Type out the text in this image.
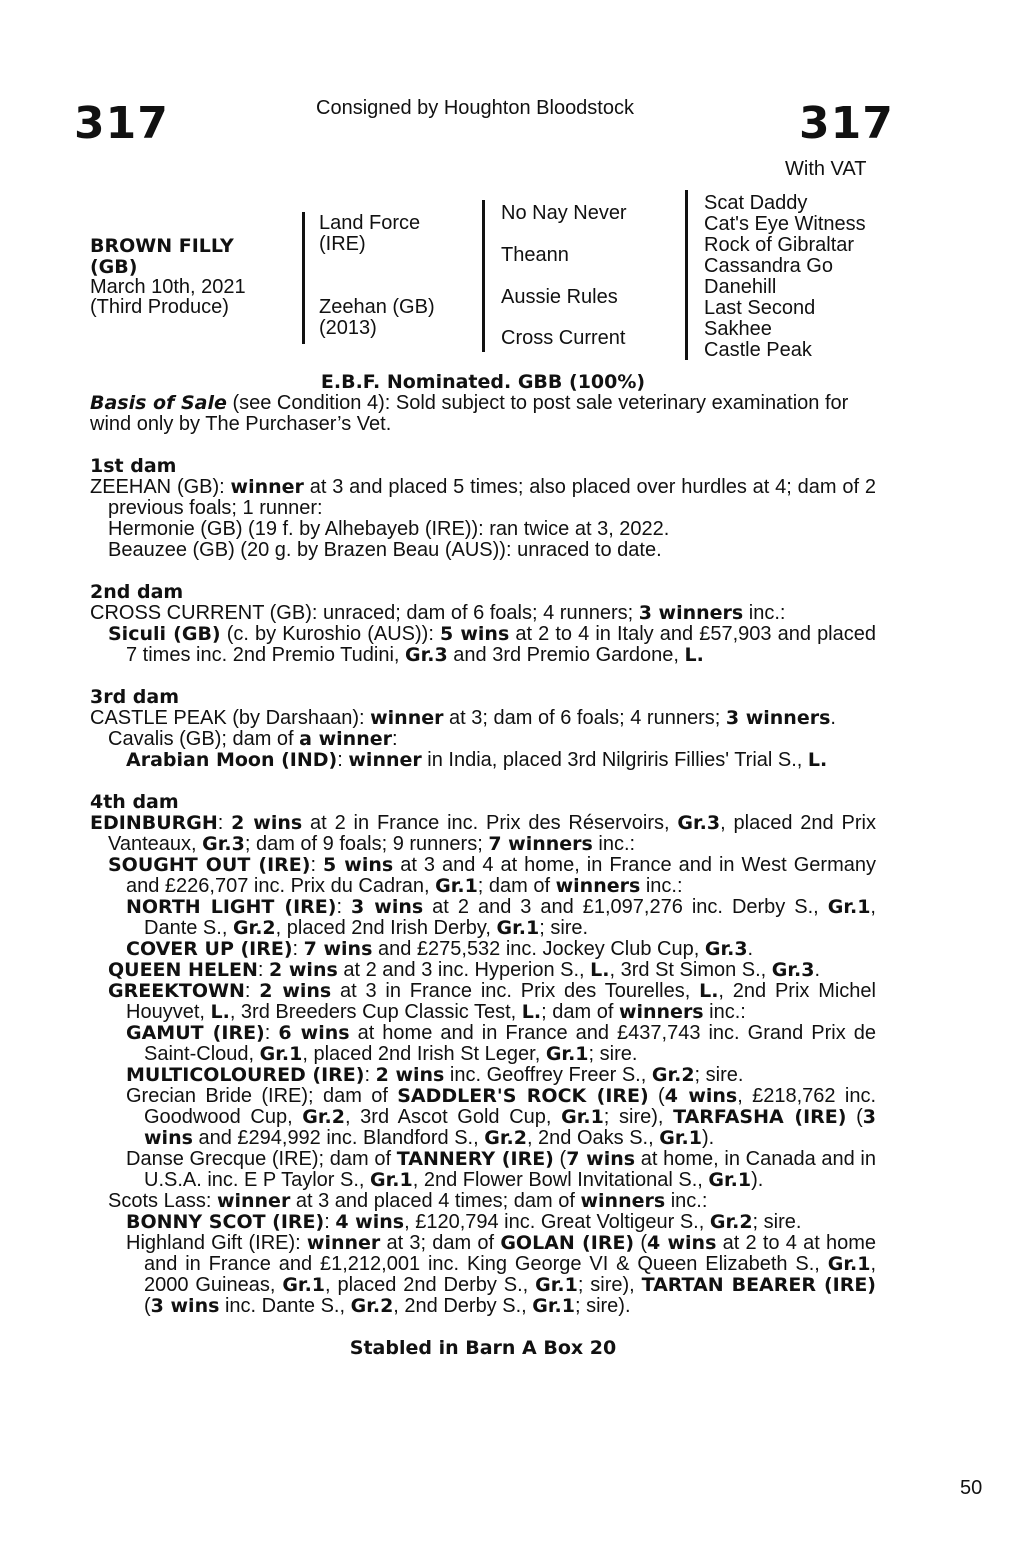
317	Consigned by Houghton Bloodstock	317
With VAT
BROWN FILLY
(GB)
March 10th, 2021
(Third Produce)
Land Force
(IRE)
Zeehan (GB)
(2013)
No Nay Never
Theann
Aussie Rules
Cross Current
Scat Daddy
Cat's Eye Witness
Rock of Gibraltar
Cassandra Go
Danehill
Last Second
Sakhee
Castle Peak

E.B.F. Nominated. GBB (100%)

Basis of Sale (see Condition 4): Sold subject to post sale veterinary examination for wind only by The Purchaser’s Vet.

1st dam

ZEEHAN (GB): winner at 3 and placed 5 times; also placed over hurdles at 4; dam of 2 previous foals; 1 runner:

Hermonie (GB) (19 f. by Alhebayeb (IRE)): ran twice at 3, 2022.

Beauzee (GB) (20 g. by Brazen Beau (AUS)): unraced to date.

2nd dam

CROSS CURRENT (GB): unraced; dam of 6 foals; 4 runners; 3 winners inc.:

Siculi (GB) (c. by Kuroshio (AUS)): 5 wins at 2 to 4 in Italy and £57,903 and placed 7 times inc. 2nd Premio Tudini, Gr.3 and 3rd Premio Gardone, L.

3rd dam

CASTLE PEAK (by Darshaan): winner at 3; dam of 6 foals; 4 runners; 3 winners.

Cavalis (GB); dam of a winner:

Arabian Moon (IND): winner in India, placed 3rd Nilgriris Fillies' Trial S., L.

4th dam

EDINBURGH: 2 wins at 2 in France inc. Prix des Réservoirs, Gr.3, placed 2nd Prix Vanteaux, Gr.3; dam of 9 foals; 9 runners; 7 winners inc.:

SOUGHT OUT (IRE): 5 wins at 3 and 4 at home, in France and in West Germany and £226,707 inc. Prix du Cadran, Gr.1; dam of winners inc.:

NORTH LIGHT (IRE): 3 wins at 2 and 3 and £1,097,276 inc. Derby S., Gr.1, Dante S., Gr.2, placed 2nd Irish Derby, Gr.1; sire.

COVER UP (IRE): 7 wins and £275,532 inc. Jockey Club Cup, Gr.3.

QUEEN HELEN: 2 wins at 2 and 3 inc. Hyperion S., L., 3rd St Simon S., Gr.3.

GREEKTOWN: 2 wins at 3 in France inc. Prix des Tourelles, L., 2nd Prix Michel Houyvet, L., 3rd Breeders Cup Classic Test, L.; dam of winners inc.:

GAMUT (IRE): 6 wins at home and in France and £437,743 inc. Grand Prix de Saint-Cloud, Gr.1, placed 2nd Irish St Leger, Gr.1; sire.

MULTICOLOURED (IRE): 2 wins inc. Geoffrey Freer S., Gr.2; sire.

Grecian Bride (IRE); dam of SADDLER'S ROCK (IRE) (4 wins, £218,762 inc. Goodwood Cup, Gr.2, 3rd Ascot Gold Cup, Gr.1; sire), TARFASHA (IRE) (3 wins and £294,992 inc. Blandford S., Gr.2, 2nd Oaks S., Gr.1).

Danse Grecque (IRE); dam of TANNERY (IRE) (7 wins at home, in Canada and in U.S.A. inc. E P Taylor S., Gr.1, 2nd Flower Bowl Invitational S., Gr.1).

Scots Lass: winner at 3 and placed 4 times; dam of winners inc.:

BONNY SCOT (IRE): 4 wins, £120,794 inc. Great Voltigeur S., Gr.2; sire.

Highland Gift (IRE): winner at 3; dam of GOLAN (IRE) (4 wins at 2 to 4 at home and in France and £1,212,001 inc. King George VI & Queen Elizabeth S., Gr.1, 2000 Guineas, Gr.1, placed 2nd Derby S., Gr.1; sire), TARTAN BEARER (IRE) (3 wins inc. Dante S., Gr.2, 2nd Derby S., Gr.1; sire).

Stabled in Barn A Box 20

50
